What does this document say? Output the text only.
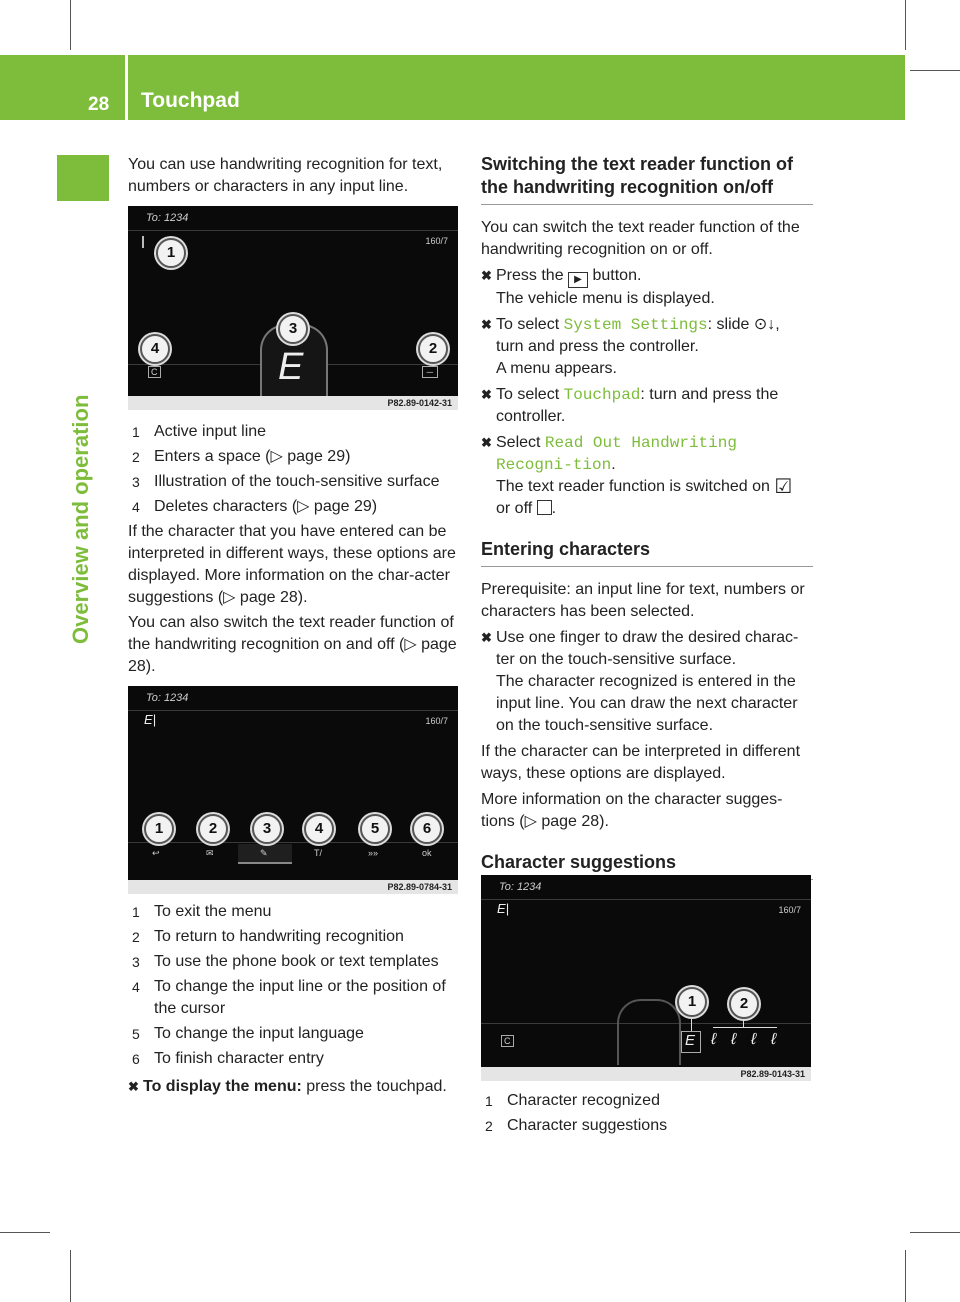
28 Touchpad
Overview and operation

You can use handwriting recognition for text, numbers or characters in any input line.

To: 1234
160/7
E
C	─
1
2
3
4
P82.89-0142-31
1 Active input line
2 Enters a space (▷ page 29)
3 Illustration of the touch-sensitive surface
4 Deletes characters (▷ page 29)

If the character that you have entered can be interpreted in different ways, these options are displayed. More information on the char-acter suggestions (▷ page 28).

You can also switch the text reader function of the handwriting recognition on and off (▷ page 28).

To: 1234
E|	160/7
↩	✉	✎	T/	»»	ok
1	2	3	4	5	6
P82.89-0784-31
1 To exit the menu
2 To return to handwriting recognition
3 To use the phone book or text templates
4 To change the input line or the position of the cursor
5 To change the input language
6 To finish character entry
✖ To display the menu: press the touchpad.

Switching the text reader function of the handwriting recognition on/off

You can switch the text reader function of the handwriting recognition on or off.

✖ Press the ▶ button.
The vehicle menu is displayed.
✖ To select System Settings: slide ⊙↓,
turn and press the controller.
A menu appears.
✖ To select Touchpad: turn and press the controller.
✖ Select Read Out Handwriting Recogni-tion.
The text reader function is switched on ☑
or off .

Entering characters

Prerequisite: an input line for text, numbers or characters has been selected.

✖ Use one finger to draw the desired charac-ter on the touch-sensitive surface.
The character recognized is entered in the input line. You can draw the next character on the touch-sensitive surface.

If the character can be interpreted in different ways, these options are displayed.

More information on the character sugges-tions (▷ page 28).

Character suggestions

To: 1234
E|	160/7
C	E ℓ ℓ ℓ ℓ
1	2
P82.89-0143-31
1 Character recognized
2 Character suggestions
